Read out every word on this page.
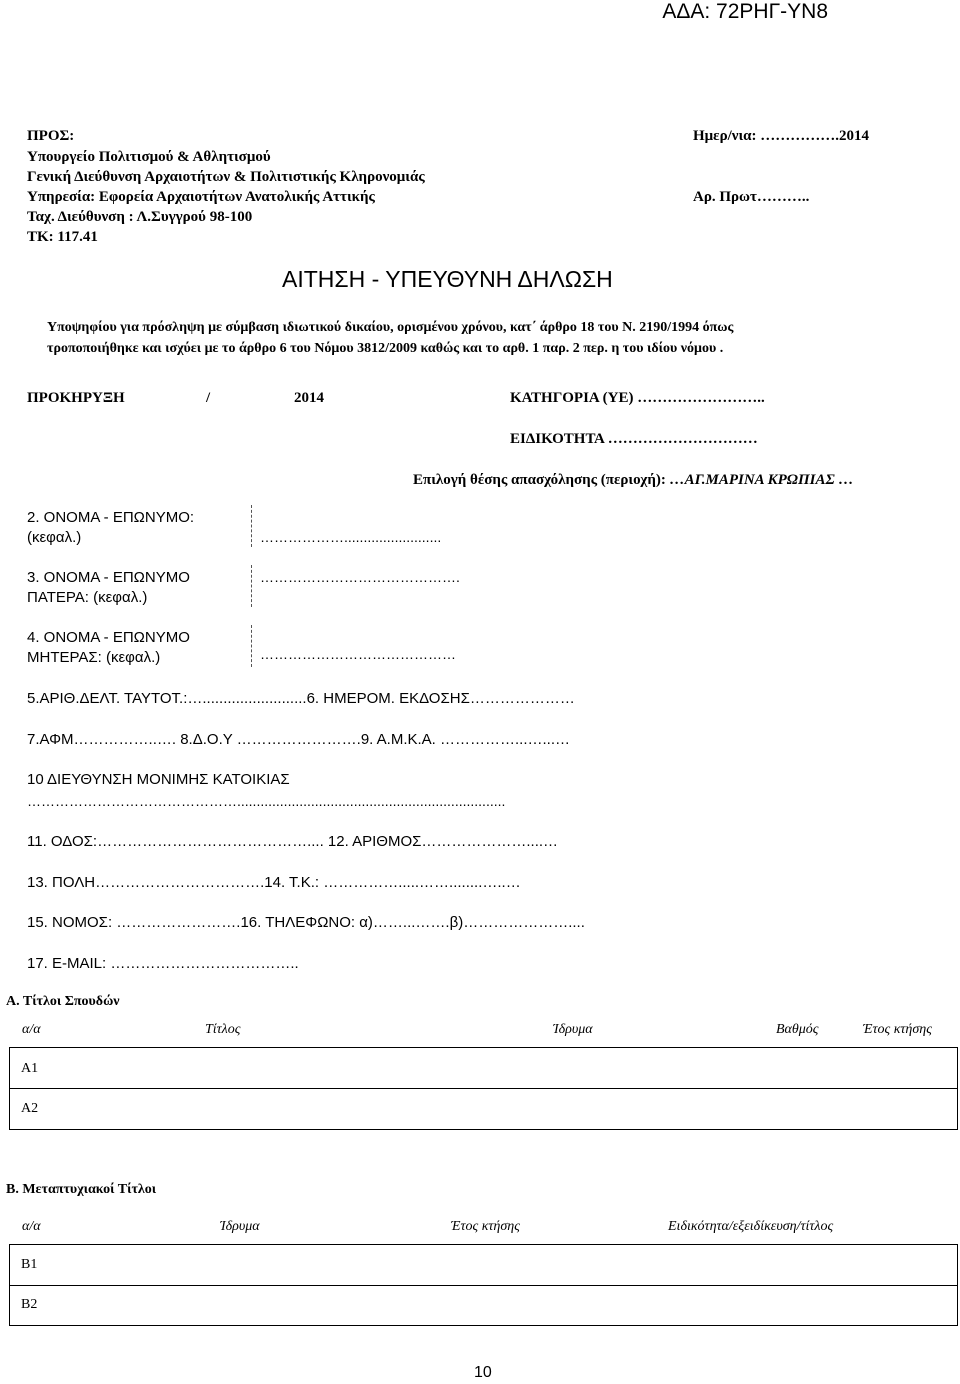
ΑΔΑ: 72ΡΗΓ-ΥΝ8
ΠΡΟΣ:
Υπουργείο Πολιτισμού & Αθλητισμού
Γενική Διεύθυνση Αρχαιοτήτων & Πολιτιστικής Κληρονομιάς
Υπηρεσία: Εφορεία Αρχαιοτήτων Ανατολικής Αττικής
Ταχ. Διεύθυνση : Λ.Συγγρού 98-100
ΤΚ: 117.41
Ημερ/νια: …………….2014
Αρ. Πρωτ………..
ΑΙΤΗΣΗ - ΥΠΕΥΘΥΝΗ ΔΗΛΩΣΗ
Υποψηφίου για πρόσληψη με σύμβαση ιδιωτικού δικαίου, ορισμένου χρόνου, κατ΄ άρθρο 18 του Ν. 2190/1994 όπως
τροποποιήθηκε και ισχύει με το άρθρο 6 του Νόμου 3812/2009 καθώς και το αρθ. 1 παρ. 2 περ. η του ιδίου νόμου .
ΠΡΟΚΗΡΥΞΗ	/	2014	ΚΑΤΗΓΟΡΙΑ (ΥΕ) ……………………..
ΕΙΔΙΚΟΤΗΤΑ …………………………
Επιλογή θέσης απασχόλησης (περιοχή): …ΑΓ.ΜΑΡΙΝΑ ΚΡΩΠΙΑΣ …
2. ΟΝΟΜΑ - ΕΠΩΝΥΜΟ:
(κεφαλ.)	……………….........................
3. ΟΝΟΜΑ - ΕΠΩΝΥΜΟ
ΠΑΤΕΡΑ: (κεφαλ.)
…………………………………….
4. ΟΝΟΜΑ - ΕΠΩΝΥΜΟ
ΜΗΤΕΡΑΣ: (κεφαλ.)	……………………………………
5.ΑΡΙΘ.ΔΕΛΤ. ΤΑΥΤΟΤ.:….........................6. ΗΜΕΡΟΜ. ΕΚΔΟΣΗΣ…………………
7.ΑΦΜ……………..…. 8.Δ.Ο.Υ …………………….9. Α.Μ.Κ.Α. ……………...…...…
10 ΔΙΕΥΘΥΝΣΗ ΜΟΝΙΜΗΣ ΚΑΤΟΙΚΙΑΣ
……………………………………….....................................................................
11. ΟΔΟΣ:…………………………………….... 12. ΑΡΙΘΜΟΣ…………………....…
13. ΠΟΛΗ…………………………….14. Τ.Κ.: …………….....……........…..…
15. ΝΟΜΟΣ: …………………….16. ΤΗΛΕΦΩΝΟ: α)……...…….β)…………………....
17. E-MAIL: ………………………………..
Α. Τίτλοι Σπουδών
α/α	Τίτλος	Ίδρυμα	Βαθμός	Έτος κτήσης
Α1
Α2
Β. Μεταπτυχιακοί Τίτλοι
α/α	Ίδρυμα	Έτος κτήσης	Ειδικότητα/εξειδίκευση/τίτλος
Β1
Β2
10
